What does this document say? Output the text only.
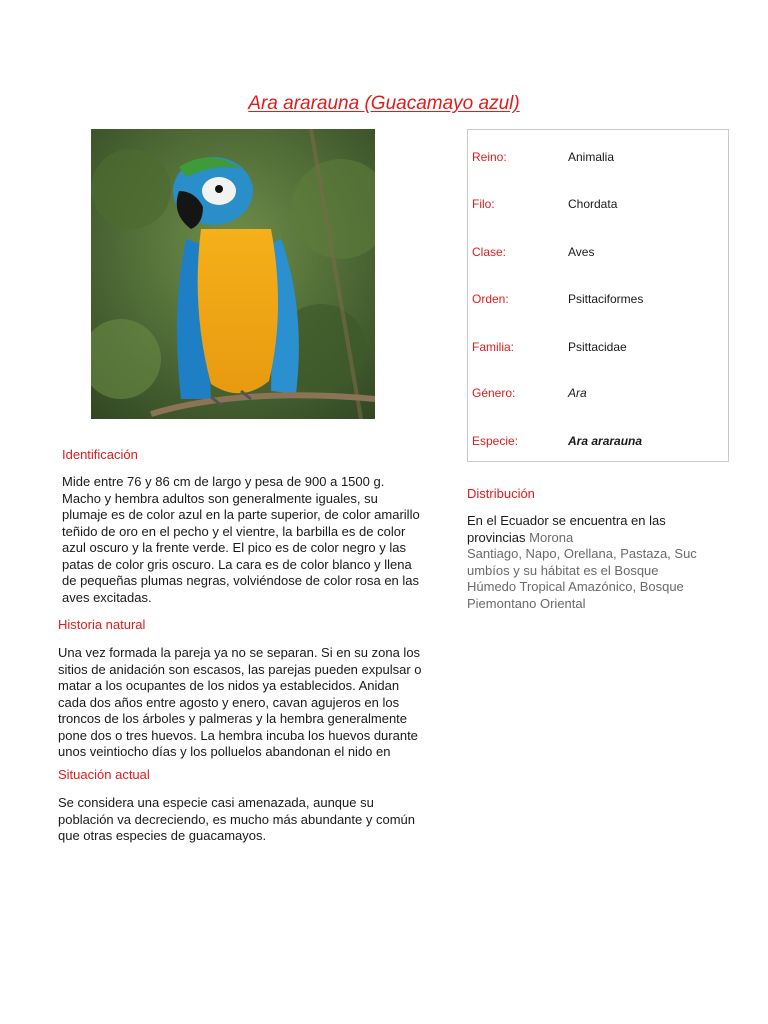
Ara ararauna (Guacamayo azul)
Reino:	Animalia
Filo:	Chordata
Clase:	Aves
Orden:	Psittaciformes
Familia:	Psittacidae
Género:	Ara
Especie:	Ara ararauna
Identificación

Mide entre 76 y 86 cm de largo y pesa de 900 a 1500 g.
Macho y hembra adultos son generalmente iguales, su
plumaje es de color azul en la parte superior, de color amarillo
teñido de oro en el pecho y el vientre, la barbilla es de color
azul oscuro y la frente verde. El pico es de color negro y las
patas de color gris oscuro. La cara es de color blanco y llena
de pequeñas plumas negras, volviéndose de color rosa en las
aves excitadas.

Historia natural

Una vez formada la pareja ya no se separan. Si en su zona los
sitios de anidación son escasos, las parejas pueden expulsar o
matar a los ocupantes de los nidos ya establecidos. Anidan
cada dos años entre agosto y enero, cavan agujeros en los
troncos de los árboles y palmeras y la hembra generalmente
pone dos o tres huevos. La hembra incuba los huevos durante
unos veintiocho días y los polluelos abandonan el nido en

Situación actual

Se considera una especie casi amenazada, aunque su
población va decreciendo, es mucho más abundante y común
que otras especies de guacamayos.

Distribución

En el Ecuador se encuentra en las
provincias Morona
Santiago, Napo, Orellana, Pastaza, Suc
umbíos y su hábitat es el Bosque
Húmedo Tropical Amazónico, Bosque
Piemontano Oriental
